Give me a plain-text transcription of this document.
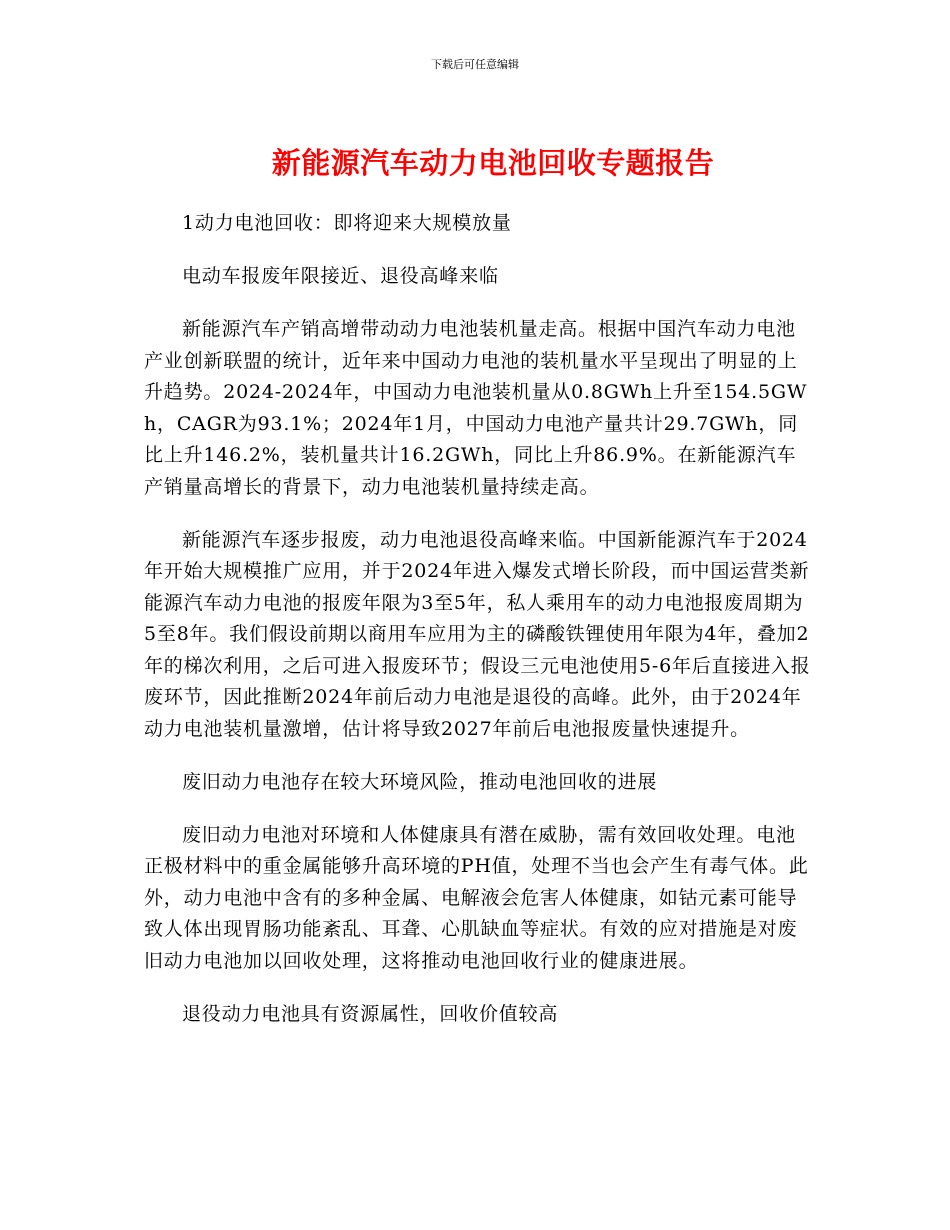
下载后可任意编辑
新能源汽车动力电池回收专题报告

1动力电池回收：即将迎来大规模放量

电动车报废年限接近、退役高峰来临

新能源汽车产销高增带动动力电池装机量走高。根据中国汽车动力电池产业创新联盟的统计，近年来中国动力电池的装机量水平呈现出了明显的上升趋势。2024-2024年，中国动力电池装机量从0.8GWh上升至154.5GWh，CAGR为93.1%；2024年1月，中国动力电池产量共计29.7GWh，同比上升146.2%，装机量共计16.2GWh，同比上升86.9%。在新能源汽车产销量高增长的背景下，动力电池装机量持续走高。

新能源汽车逐步报废，动力电池退役高峰来临。中国新能源汽车于2024年开始大规模推广应用，并于2024年进入爆发式增长阶段，而中国运营类新能源汽车动力电池的报废年限为3至5年，私人乘用车的动力电池报废周期为5至8年。我们假设前期以商用车应用为主的磷酸铁锂使用年限为4年，叠加2年的梯次利用，之后可进入报废环节；假设三元电池使用5-6年后直接进入报废环节，因此推断2024年前后动力电池是退役的高峰。此外，由于2024年动力电池装机量激增，估计将导致2027年前后电池报废量快速提升。

废旧动力电池存在较大环境风险，推动电池回收的进展

废旧动力电池对环境和人体健康具有潜在威胁，需有效回收处理。电池正极材料中的重金属能够升高环境的PH值，处理不当也会产生有毒气体。此外，动力电池中含有的多种金属、电解液会危害人体健康，如钴元素可能导致人体出现胃肠功能紊乱、耳聋、心肌缺血等症状。有效的应对措施是对废旧动力电池加以回收处理，这将推动电池回收行业的健康进展。

退役动力电池具有资源属性，回收价值较高
